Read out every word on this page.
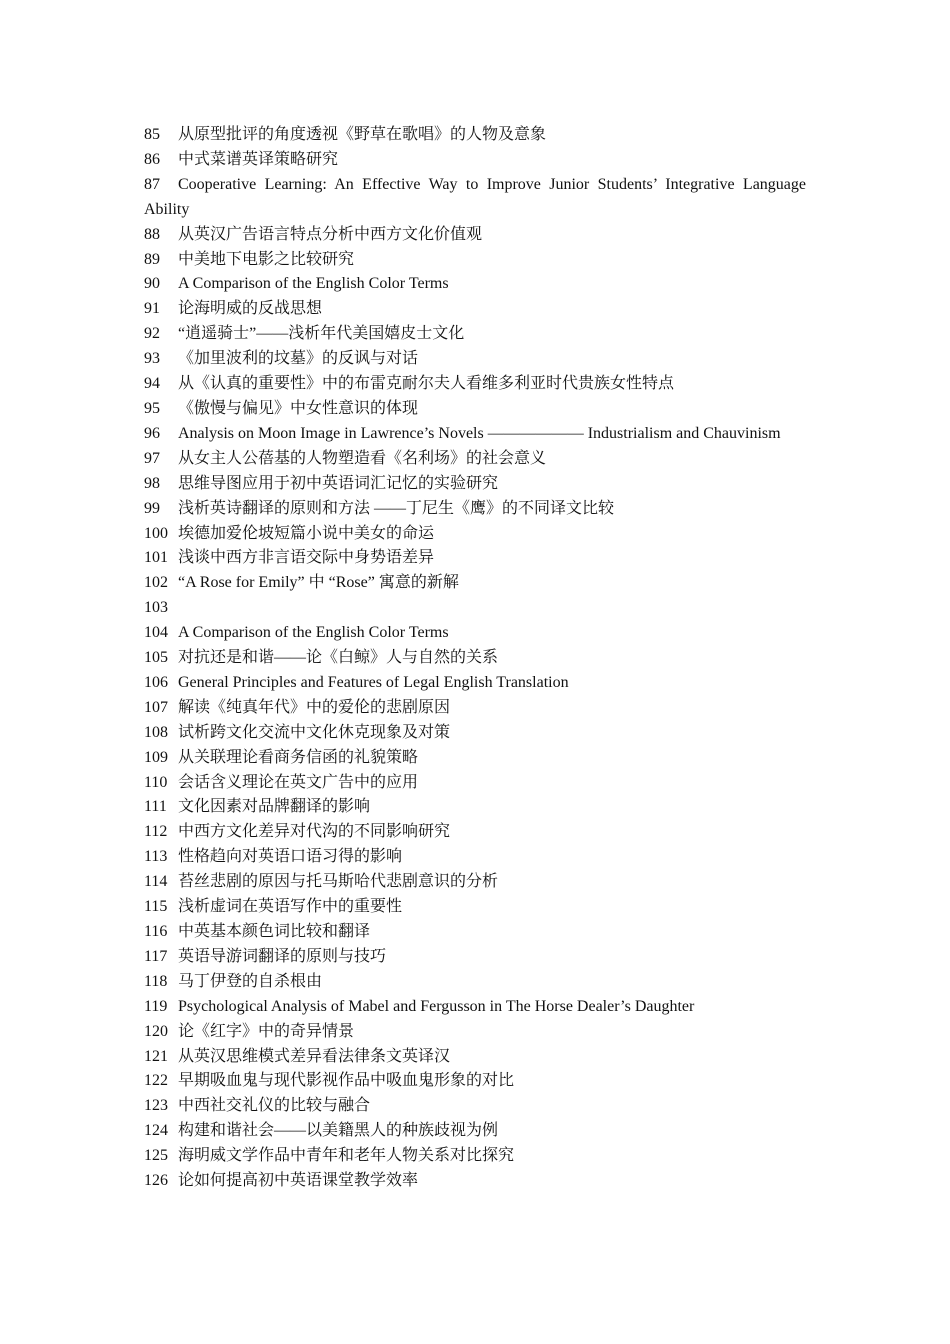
85 从原型批评的角度透视《野草在歌唱》的人物及意象
86 中式菜谱英译策略研究
87 Cooperative Learning: An Effective Way to Improve Junior Students’ Integrative Language Ability
88 从英汉广告语言特点分析中西方文化价值观
89 中美地下电影之比较研究
90 A Comparison of the English Color Terms
91 论海明威的反战思想
92 “逍遥骑士”——浅析年代美国嬉皮士文化
93 《加里波利的坟墓》的反讽与对话
94 从《认真的重要性》中的布雷克耐尔夫人看维多利亚时代贵族女性特点
95 《傲慢与偏见》中女性意识的体现
96 Analysis on Moon Image in Lawrence’s Novels —————— Industrialism and Chauvinism
97 从女主人公蓓基的人物塑造看《名利场》的社会意义
98 思维导图应用于初中英语词汇记忆的实验研究
99 浅析英诗翻译的原则和方法 ——丁尼生《鹰》的不同译文比较
100 埃德加爱伦坡短篇小说中美女的命运
101 浅谈中西方非言语交际中身势语差异
102 “A Rose for Emily” 中 “Rose” 寓意的新解
103
104 A Comparison of the English Color Terms
105 对抗还是和谐——论《白鲸》人与自然的关系
106 General Principles and Features of Legal English Translation
107 解读《纯真年代》中的爱伦的悲剧原因
108 试析跨文化交流中文化休克现象及对策
109 从关联理论看商务信函的礼貌策略
110 会话含义理论在英文广告中的应用
111 文化因素对品牌翻译的影响
112 中西方文化差异对代沟的不同影响研究
113 性格趋向对英语口语习得的影响
114 苔丝悲剧的原因与托马斯哈代悲剧意识的分析
115 浅析虚词在英语写作中的重要性
116 中英基本颜色词比较和翻译
117 英语导游词翻译的原则与技巧
118 马丁伊登的自杀根由
119 Psychological Analysis of Mabel and Fergusson in The Horse Dealer’s Daughter
120 论《红字》中的奇异情景
121 从英汉思维模式差异看法律条文英译汉
122 早期吸血鬼与现代影视作品中吸血鬼形象的对比
123 中西社交礼仪的比较与融合
124 构建和谐社会——以美籍黑人的种族歧视为例
125 海明威文学作品中青年和老年人物关系对比探究
126 论如何提高初中英语课堂教学效率
